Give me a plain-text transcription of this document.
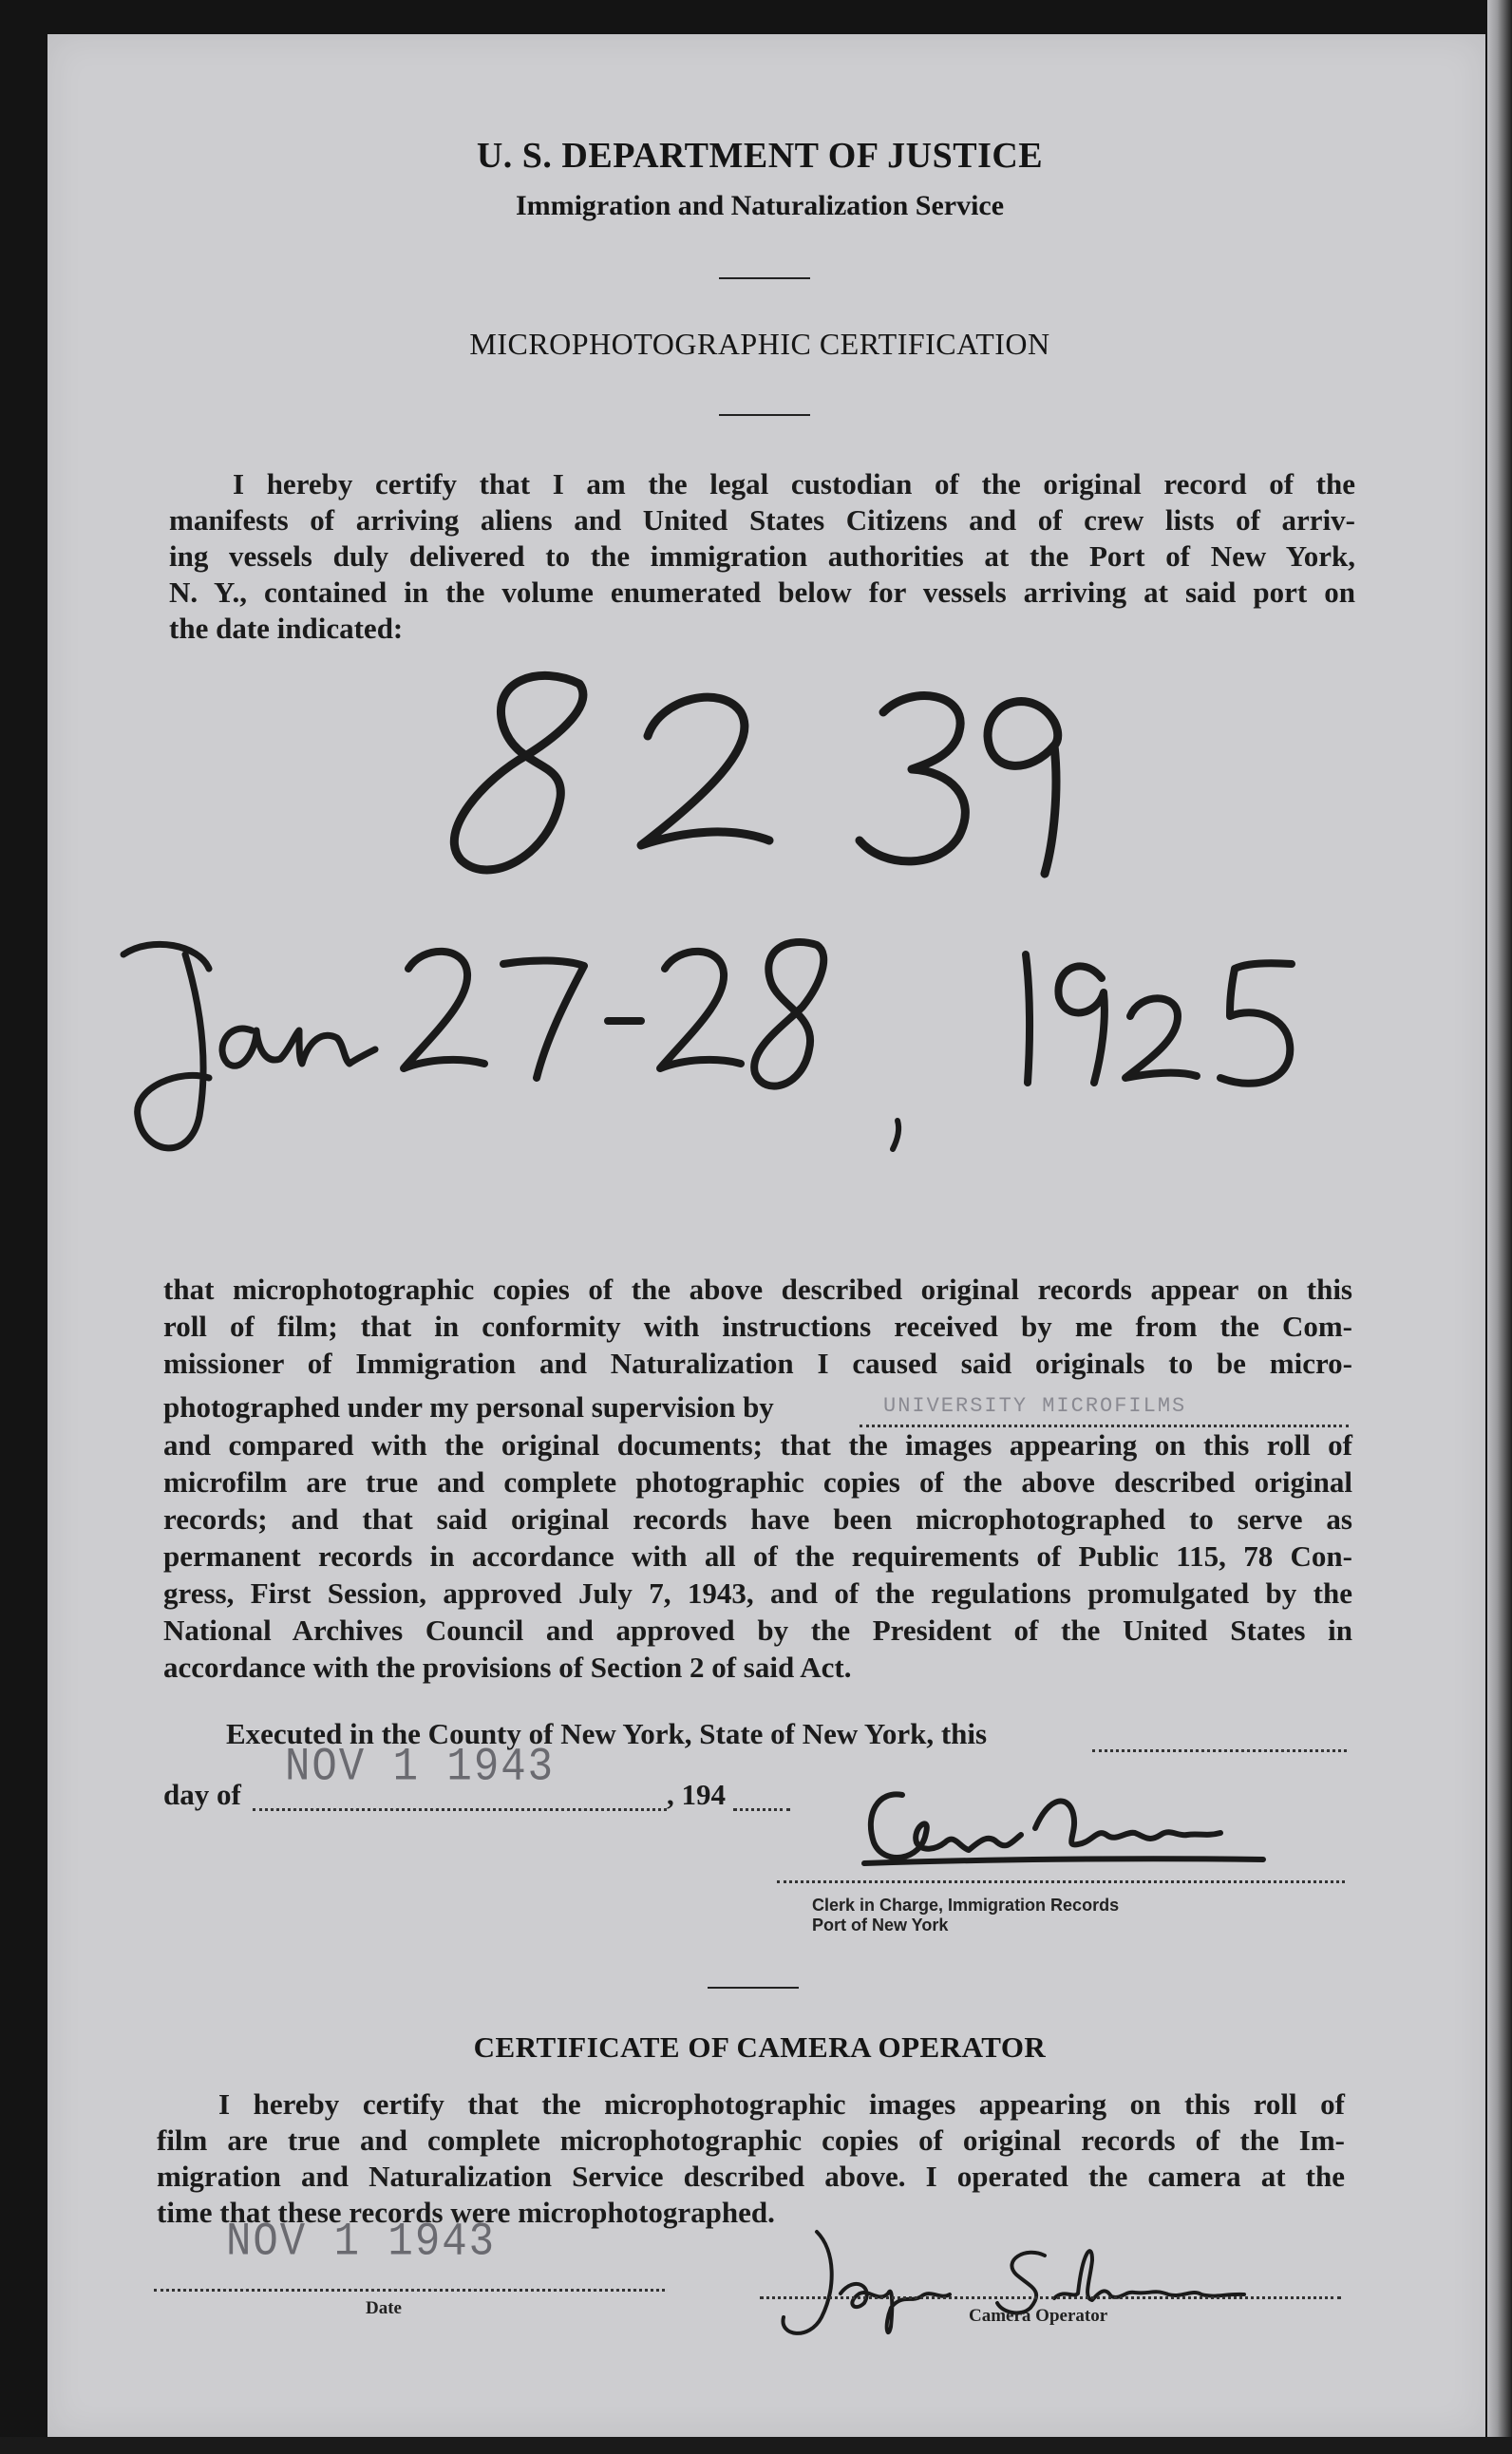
U. S. DEPARTMENT OF JUSTICE
Immigration and Naturalization Service
MICROPHOTOGRAPHIC CERTIFICATION
I hereby certify that I am the legal custodian of the original record of the
manifests of arriving aliens and United States Citizens and of crew lists of arriv-
ing vessels duly delivered to the immigration authorities at the Port of New York,
N. Y., contained in the volume enumerated below for vessels arriving at said port on
the date indicated:
that microphotographic copies of the above described original records appear on this
roll of film; that in conformity with instructions received by me from the Com-
missioner of Immigration and Naturalization I caused said originals to be micro-
photographed under my personal supervision by	UNIVERSITY MICROFILMS
and compared with the original documents; that the images appearing on this roll of
microfilm are true and complete photographic copies of the above described original
records; and that said original records have been microphotographed to serve as
permanent records in accordance with all of the requirements of Public 115, 78 Con-
gress, First Session, approved July 7, 1943, and of the regulations promulgated by the
National Archives Council and approved by the President of the United States in
accordance with the provisions of Section 2 of said Act.
Executed in the County of New York, State of New York, this
day of
NOV 1 1943
, 194
Clerk in Charge, Immigration Records
Port of New York
CERTIFICATE OF CAMERA OPERATOR
I hereby certify that the microphotographic images appearing on this roll of
film are true and complete microphotographic copies of original records of the Im-
migration and Naturalization Service described above. I operated the camera at the
time that these records were microphotographed.
NOV 1 1943
Date	Camera Operator
